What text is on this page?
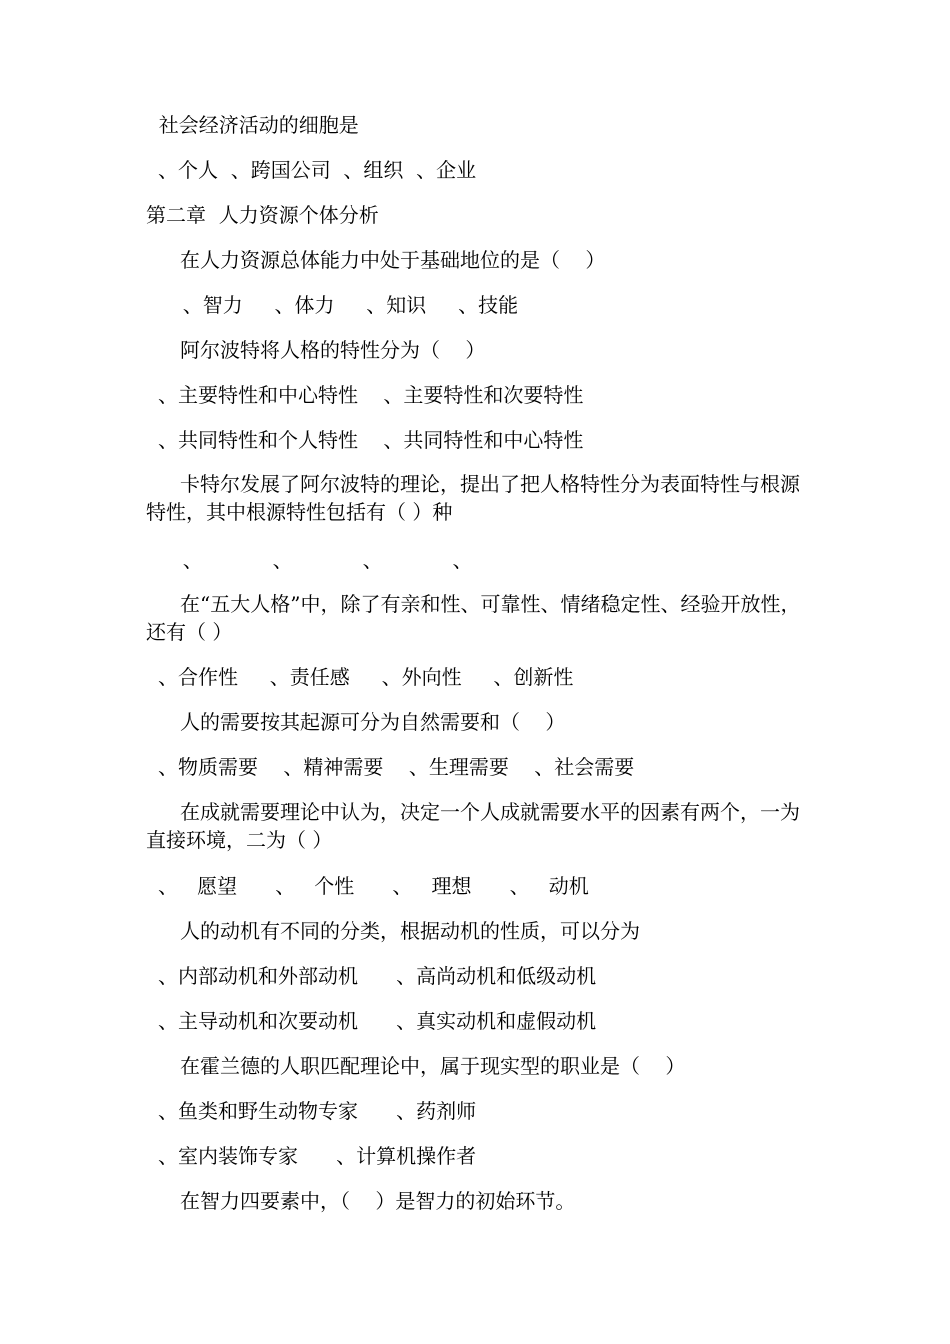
社会经济活动的细胞是
、个人  、跨国公司  、组织  、企业
第二章  人力资源个体分析
在人力资源总体能力中处于基础地位的是（    ）
、智力     、体力     、知识     、技能
阿尔波特将人格的特性分为（    ）
、主要特性和中心特性    、主要特性和次要特性
、共同特性和个人特性    、共同特性和中心特性
卡特尔发展了阿尔波特的理论，提出了把人格特性分为表面特性与根源特性，其中根源特性包括有（ ）种
、           、           、           、
在“五大人格”中，除了有亲和性、可靠性、情绪稳定性、经验开放性，还有（ ）
、合作性     、责任感     、外向性     、创新性
人的需要按其起源可分为自然需要和（    ）
、物质需要    、精神需要    、生理需要    、社会需要
在成就需要理论中认为，决定一个人成就需要水平的因素有两个，一为直接环境，二为（ ）
、   愿望      、   个性      、   理想      、   动机
人的动机有不同的分类，根据动机的性质，可以分为
、内部动机和外部动机      、高尚动机和低级动机
、主导动机和次要动机      、真实动机和虚假动机
在霍兰德的人职匹配理论中，属于现实型的职业是（    ）
、鱼类和野生动物专家      、药剂师
、室内装饰专家      、计算机操作者
在智力四要素中，（    ）是智力的初始环节。
